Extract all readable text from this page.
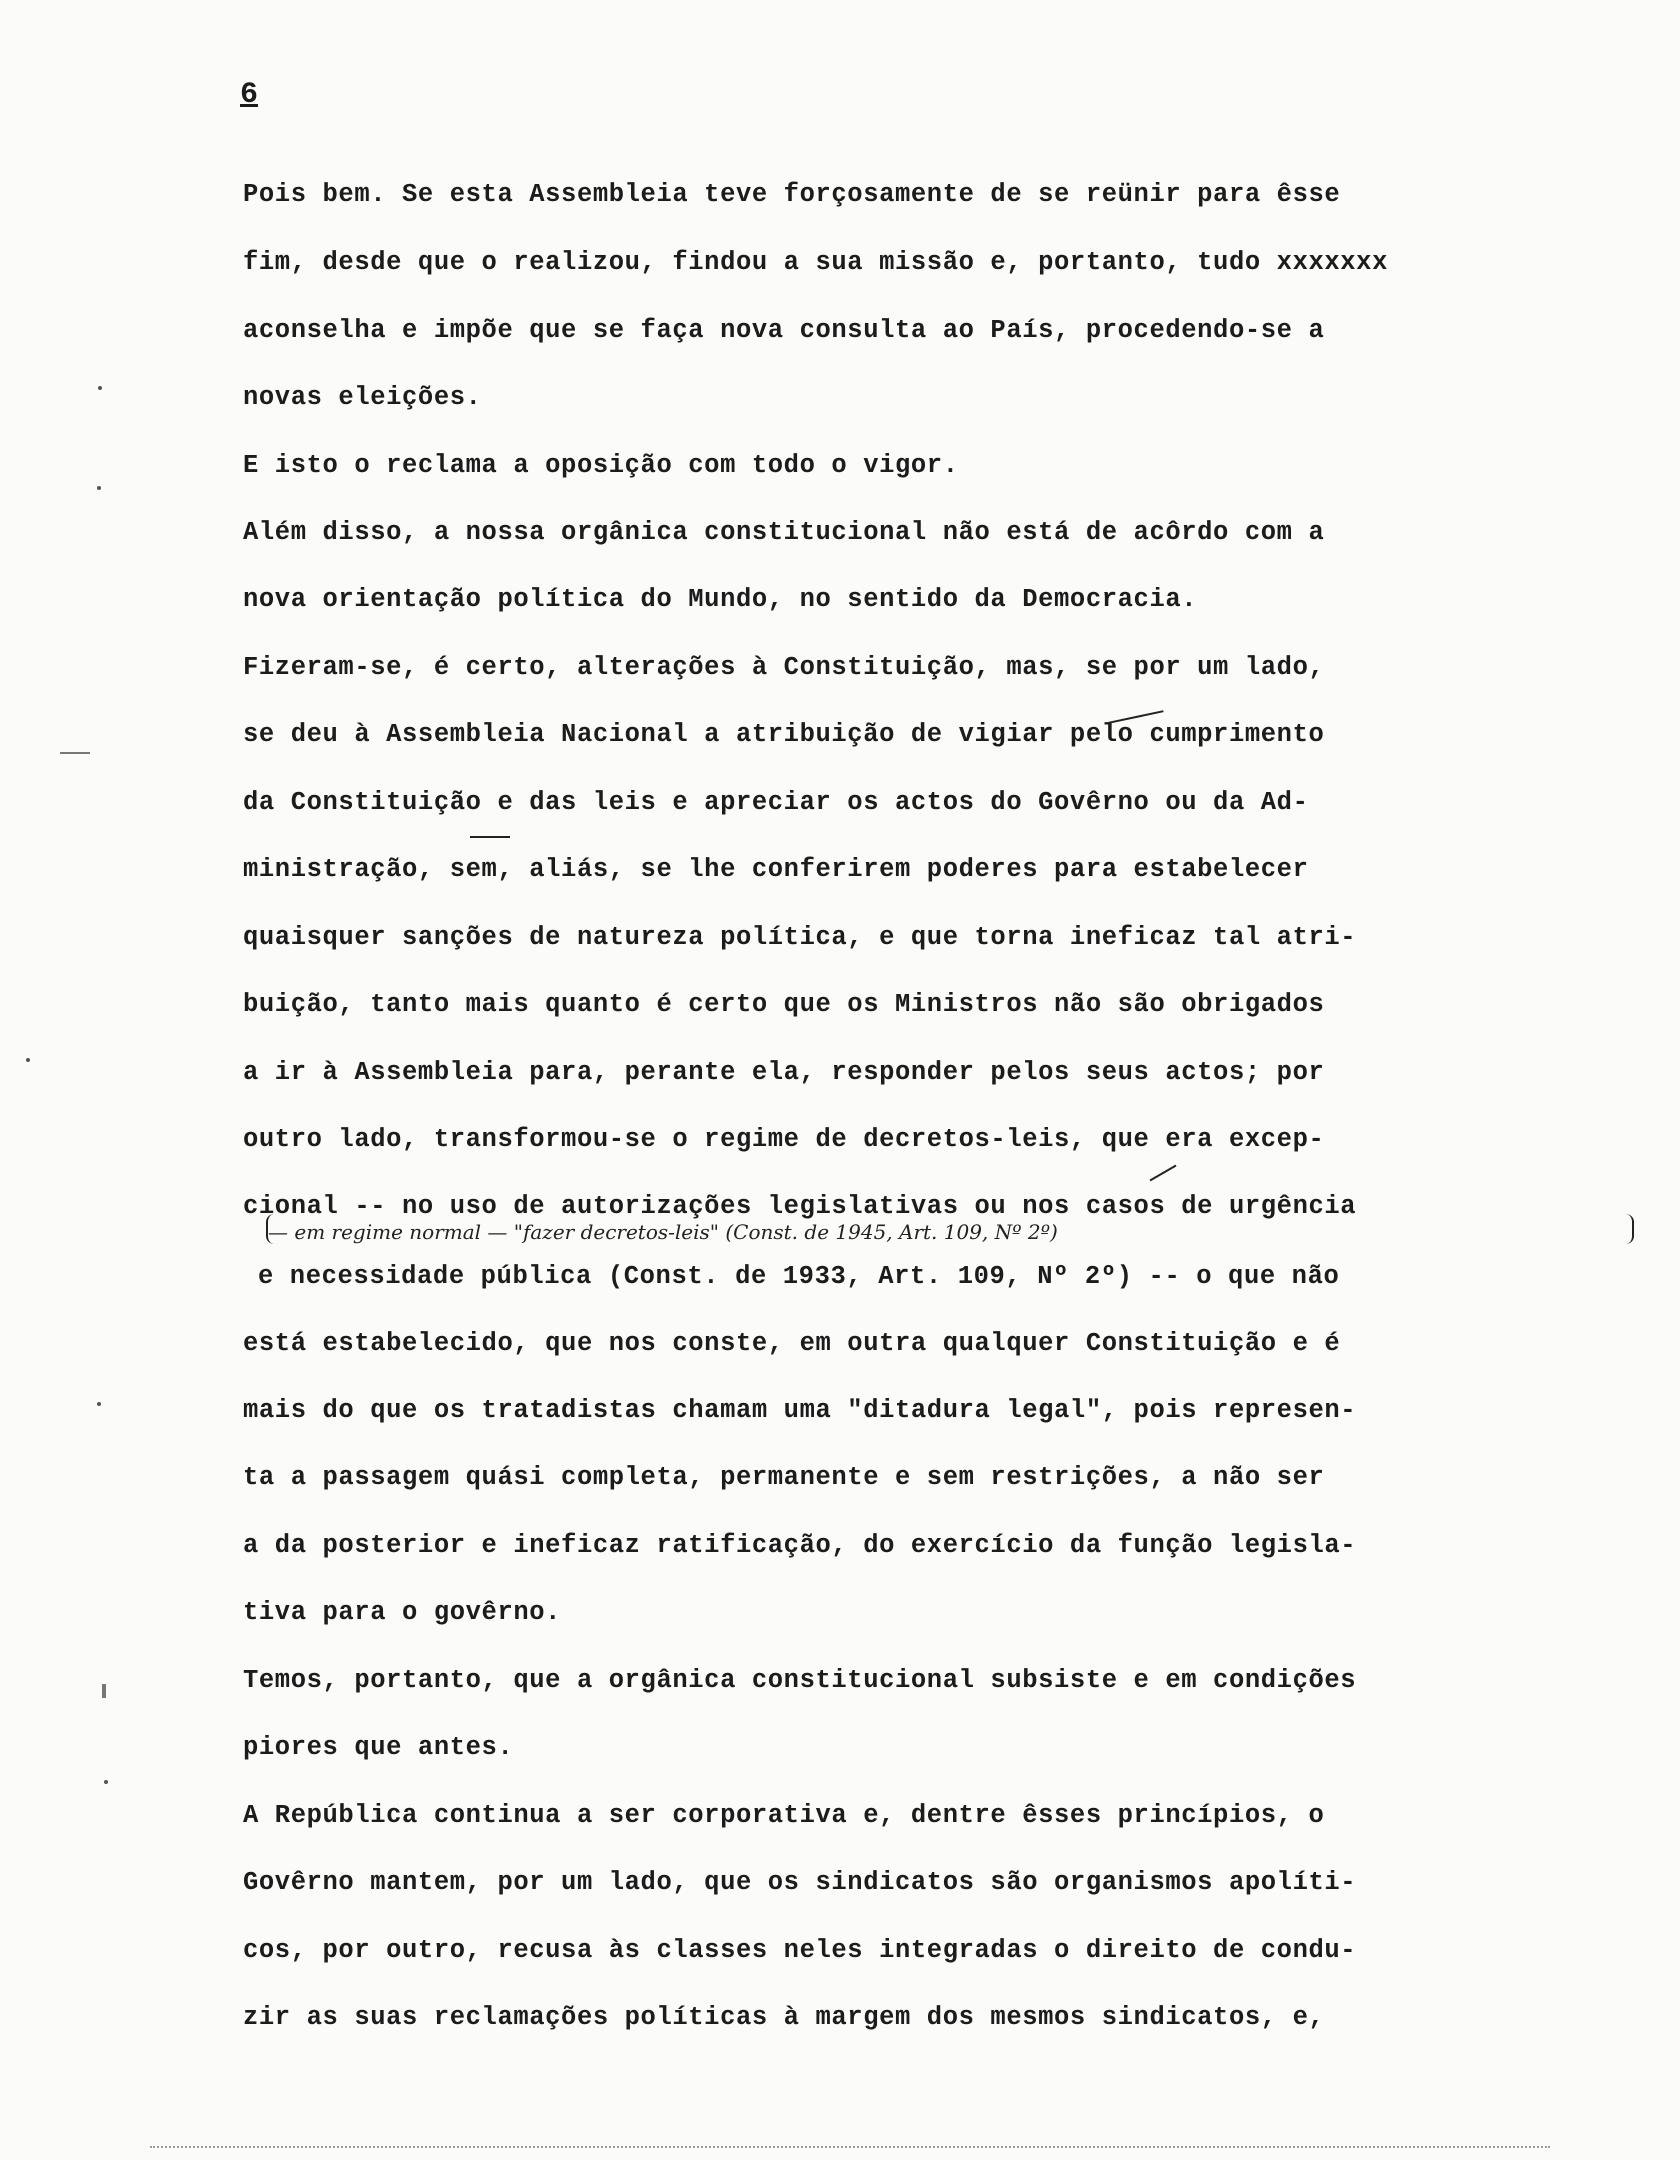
6
Pois bem. Se esta Assembleia teve forçosamente de se reünir para êsse
fim, desde que o realizou, findou a sua missão e, portanto, tudo xxxxxxx
aconselha e impõe que se faça nova consulta ao País, procedendo-se a
novas eleições.
E isto o reclama a oposição com todo o vigor.
Além disso, a nossa orgânica constitucional não está de acôrdo com a
nova orientação política do Mundo, no sentido da Democracia.
Fizeram-se, é certo, alterações à Constituição, mas, se por um lado,
se deu à Assembleia Nacional a atribuição de vigiar pelo cumprimento
da Constituição e das leis e apreciar os actos do Govêrno ou da Ad-
ministração, sem, aliás, se lhe conferirem poderes para estabelecer
quaisquer sanções de natureza política, e que torna ineficaz tal atri-
buição, tanto mais quanto é certo que os Ministros não são obrigados
a ir à Assembleia para, perante ela, responder pelos seus actos; por
outro lado, transformou-se o regime de decretos-leis, que era excep-
cional -- no uso de autorizações legislativas ou nos casos de urgência
— em regime normal — "fazer decretos-leis" (Const. de 1945, Art. 109, Nº 2º)
e necessidade pública (Const. de 1933, Art. 109, Nº 2º) -- o que não
está estabelecido, que nos conste, em outra qualquer Constituição e é
mais do que os tratadistas chamam uma "ditadura legal", pois represen-
ta a passagem quási completa, permanente e sem restrições, a não ser
a da posterior e ineficaz ratificação, do exercício da função legisla-
tiva para o govêrno.
Temos, portanto, que a orgânica constitucional subsiste e em condições
piores que antes.
A República continua a ser corporativa e, dentre êsses princípios, o
Govêrno mantem, por um lado, que os sindicatos são organismos apolíti-
cos, por outro, recusa às classes neles integradas o direito de condu-
zir as suas reclamações políticas à margem dos mesmos sindicatos, e,
